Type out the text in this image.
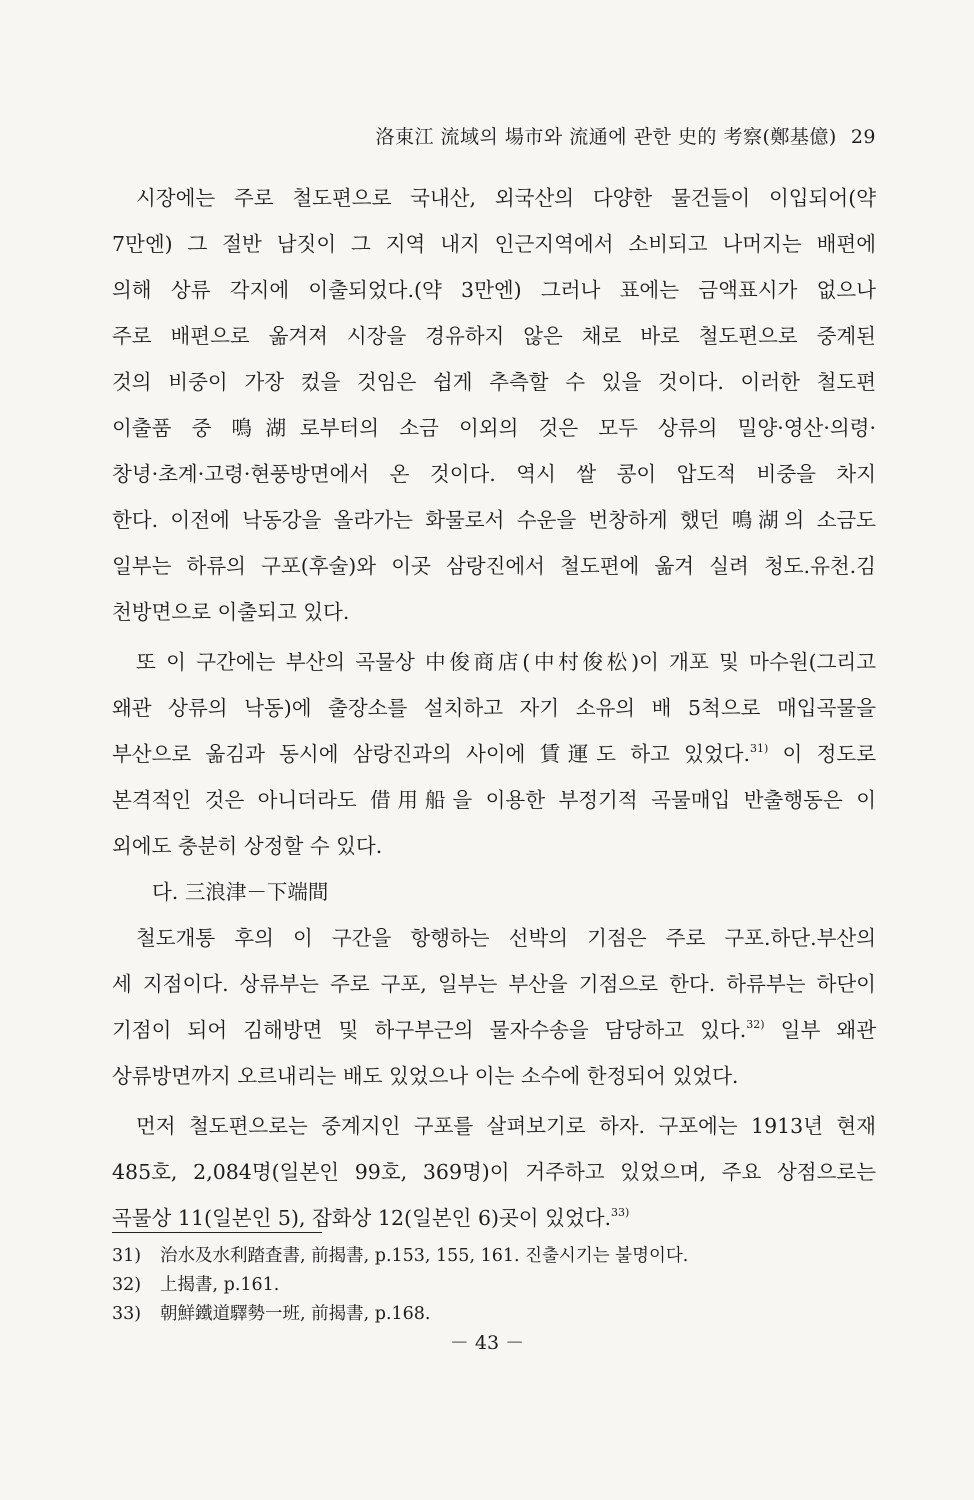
洛東江 流域의 場市와 流通에 관한 史的 考察(鄭基億) 29
시장에는 주로 철도편으로 국내산, 외국산의 다양한 물건들이 이입되어(약
7만엔) 그 절반 남짓이 그 지역 내지 인근지역에서 소비되고 나머지는 배편에
의해 상류 각지에 이출되었다.(약 3만엔) 그러나 표에는 금액표시가 없으나
주로 배편으로 옮겨져 시장을 경유하지 않은 채로 바로 철도편으로 중계된
것의 비중이 가장 컸을 것임은 쉽게 추측할 수 있을 것이다. 이러한 철도편
이출품 중 鳴湖로부터의 소금 이외의 것은 모두 상류의 밀양·영산·의령·
창녕·초계·고령·현풍방면에서 온 것이다. 역시 쌀 콩이 압도적 비중을 차지
한다. 이전에 낙동강을 올라가는 화물로서 수운을 번창하게 했던 鳴湖의 소금도
일부는 하류의 구포(후술)와 이곳 삼랑진에서 철도편에 옮겨 실려 청도.유천.김
천방면으로 이출되고 있다.
또 이 구간에는 부산의 곡물상 中俊商店(中村俊松)이 개포 및 마수원(그리고
왜관 상류의 낙동)에 출장소를 설치하고 자기 소유의 배 5척으로 매입곡물을
부산으로 옮김과 동시에 삼랑진과의 사이에 賃運도 하고 있었다.$^{31)}$ 이 정도로
본격적인 것은 아니더라도 借用船을 이용한 부정기적 곡물매입 반출행동은 이
외에도 충분히 상정할 수 있다.
다. 三浪津－下端間
철도개통 후의 이 구간을 항행하는 선박의 기점은 주로 구포.하단.부산의
세 지점이다. 상류부는 주로 구포, 일부는 부산을 기점으로 한다. 하류부는 하단이
기점이 되어 김해방면 및 하구부근의 물자수송을 담당하고 있다.$^{32)}$ 일부 왜관
상류방면까지 오르내리는 배도 있었으나 이는 소수에 한정되어 있었다.
먼저 철도편으로는 중계지인 구포를 살펴보기로 하자. 구포에는 1913년 현재
485호, 2,084명(일본인 99호, 369명)이 거주하고 있었으며, 주요 상점으로는
곡물상 11(일본인 5), 잡화상 12(일본인 6)곳이 있었다.$^{33)}$
31) 治水及水利踏査書, 前揭書, p.153, 155, 161. 진출시기는 불명이다.
32) 上揭書, p.161.
33) 朝鮮鐵道驛勢一班, 前揭書, p.168.
－ 43 －
